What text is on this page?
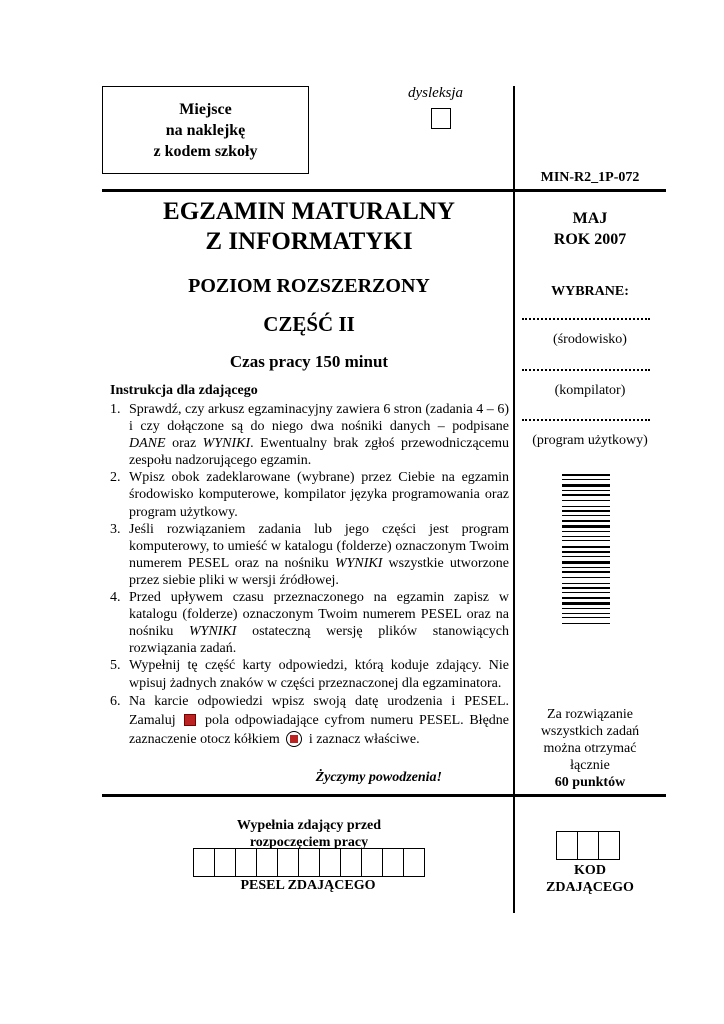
Miejsce
na naklejkę
z kodem szkoły
dysleksja
MIN-R2_1P-072
EGZAMIN MATURALNY
Z INFORMATYKI
POZIOM ROZSZERZONY
CZĘŚĆ II
Czas pracy 150 minut
Instrukcja dla zdającego
1. Sprawdź, czy arkusz egzaminacyjny zawiera 6 stron (zadania 4 – 6) i czy dołączone są do niego dwa nośniki danych – podpisane DANE oraz WYNIKI. Ewentualny brak zgłoś przewodniczącemu zespołu nadzorującego egzamin.
2. Wpisz obok zadeklarowane (wybrane) przez Ciebie na egzamin środowisko komputerowe, kompilator języka programowania oraz program użytkowy.
3. Jeśli rozwiązaniem zadania lub jego części jest program komputerowy, to umieść w katalogu (folderze) oznaczonym Twoim numerem PESEL oraz na nośniku WYNIKI wszystkie utworzone przez siebie pliki w wersji źródłowej.
4. Przed upływem czasu przeznaczonego na egzamin zapisz w katalogu (folderze) oznaczonym Twoim numerem PESEL oraz na nośniku WYNIKI ostateczną wersję plików stanowiących rozwiązania zadań.
5. Wypełnij tę część karty odpowiedzi, którą koduje zdający. Nie wpisuj żadnych znaków w części przeznaczonej dla egzaminatora.
6. Na karcie odpowiedzi wpisz swoją datę urodzenia i PESEL. Zamaluj  pola odpowiadające cyfrom numeru PESEL. Błędne zaznaczenie otocz kółkiem  i zaznacz właściwe.
Życzymy powodzenia!
MAJ
ROK 2007
WYBRANE:
(środowisko)
(kompilator)
(program użytkowy)
Za rozwiązanie
wszystkich zadań
można otrzymać
łącznie
60 punktów
Wypełnia zdający przed
rozpoczęciem pracy
PESEL ZDAJĄCEGO
KOD
ZDAJĄCEGO
